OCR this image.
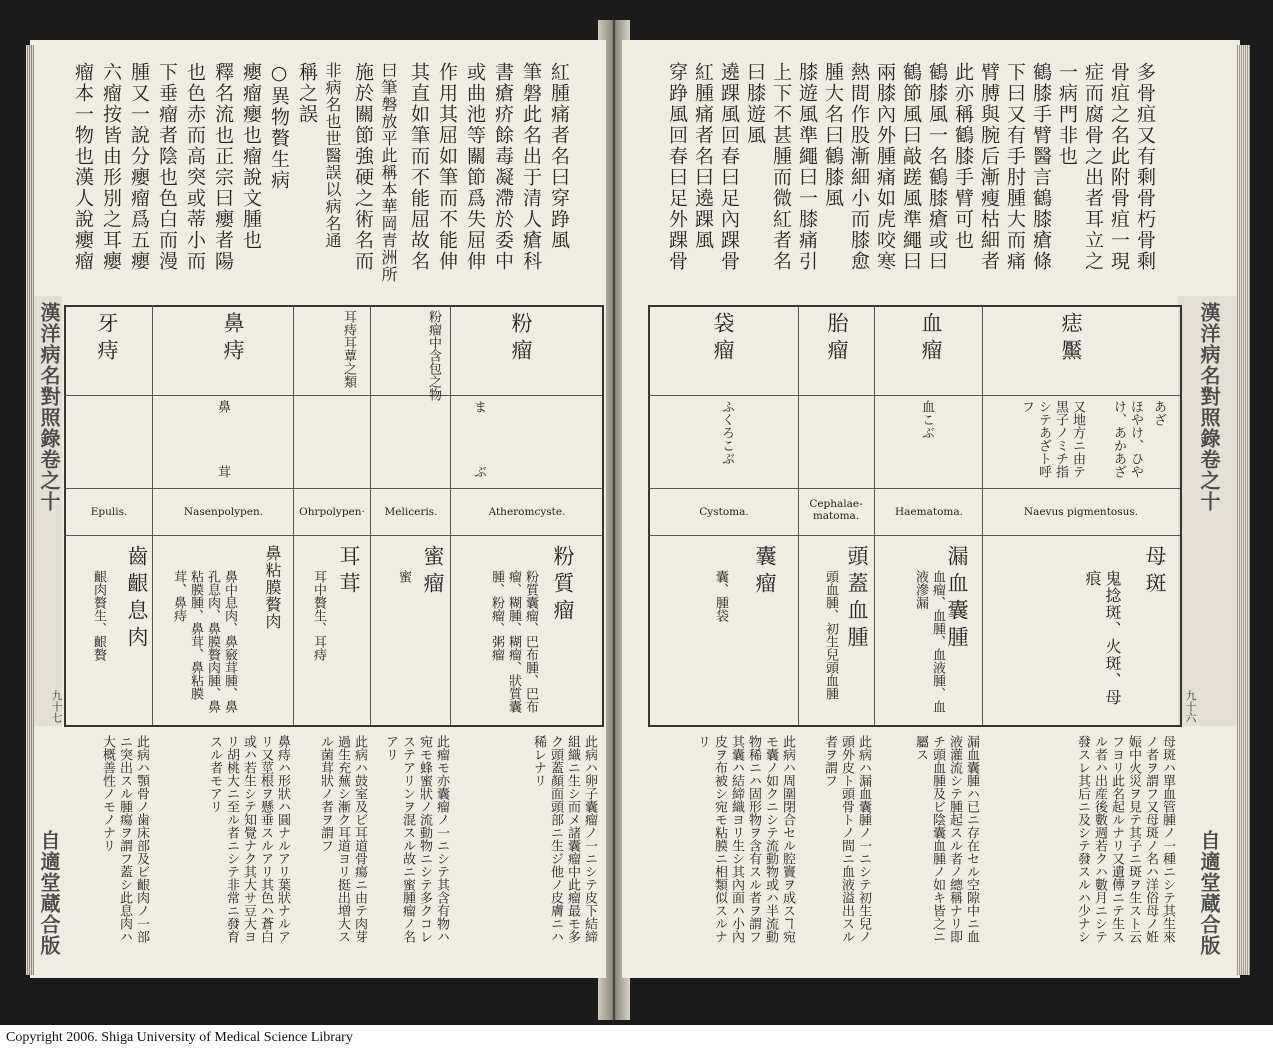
紅腫痛者名曰穿踭風
筆磐此名出于清人瘡科
書瘡疥餘毒凝滯於委中
或曲池等關節爲失屈伸
作用其屈如筆而不能伸
其直如筆而不能屈故名
曰筆磐放平此稱本華岡青洲所
施於關節強硬之術名而
非病名也世醫誤以病名通
稱之誤
○異物贅生病
癭瘤癭也瘤說文腫也
釋名流也正宗曰癭者陽
也色赤而高突或蒂小而
下垂瘤者陰也色白而漫
腫又一說分癭瘤爲五癭
六瘤按皆由形別之耳癭
瘤本一物也漢人說癭瘤
漢洋病名對照錄卷之十
自適堂蔵合版
九十七
粉瘤
粉瘤中含包之物
耳痔耳蕈之類
鼻痔
牙痔
ま
ぶ
鼻
茸
Atheromcyste.
Meliceris.
Ohrpolypen·
Nasenpolypen.
Epulis.
粉質瘤
蜜瘤
耳茸
鼻粘膜贅肉
齒齦息肉	粉質囊瘤、巴布腫、巴布瘤、糊腫、糊瘤、狀質囊腫、粉瘤、粥瘤
蜜
耳中贅生、耳痔
鼻中息肉、鼻竅茸腫、鼻孔息肉、鼻膜贅肉腫、鼻粘膜腫、鼻茸、鼻粘膜茸、鼻痔
齦肉贅生、齦贅
此病ハ卵子囊瘤ノ一ニシテ皮下結締組織ニ生シ而メ諸囊瘤中此瘤最モ多ク頭蓋顏面頭部ニ生ジ他ノ皮膚ニハ稀レナリ
此瘤モ亦囊瘤ノ一ニシテ其含有物ハ宛モ蜂蜜狀ノ流動物ニシテ多クコレステアリンヲ混スル故ニ蜜腫瘤ノ名アリ
此病ハ鼓室及ビ耳道骨瘍ニ由テ肉芽過生充蕪シ漸ク耳道ヨリ挺出増大スル菌茸狀ノ者ヲ謂フ
鼻痔ハ形狀ハ圓ナルアリ葉狀ナルアリ又莖根ヲ懸垂スルアリ其色ハ蒼白或ハ若生シテ知覺ナク其大サ豆大ヨリ胡桃大ニ至ル者ニシテ非常ニ發育スル者モアリ
此病ハ顎骨ノ歯床部及ビ齦肉ノ一部ニ突出スル腫瘍ヲ謂フ蓋シ此息肉ハ大概善性ノモノナリ
多骨疽又有剩骨朽骨剩
骨疽之名此附骨疽一現
症而腐骨之出者耳立之
一病門非也
鶴膝手臂醫言鶴膝瘡條
下曰又有手肘腫大而痛
臂膊與腕后漸瘦枯細者
此亦稱鶴膝手臂可也
鶴膝風一名鶴膝瘡或曰
鶴節風曰敲蹉風準繩曰
兩膝內外腫痛如虎咬寒
熱間作股漸細小而膝愈
腫大名曰鶴膝風
膝遊風準繩曰一膝痛引
上下不甚腫而微紅者名
曰膝遊風
遶踝風回春曰足內踝骨
紅腫痛者名曰遶踝風
穿踭風回春曰足外踝骨
漢洋病名對照錄卷之十
自適堂蔵合版
九十六
痣黶
血瘤
胎瘤
袋瘤
あざ
ほやけ、ひやけ、あかあざ
又地方ニ由テ黒子ノミチ指シテあざト呼フ
血こぶ
ふくろこぶ
Naevus pigmentosus.
Haematoma.
Cephalae-matoma.
Cystoma.
母斑
漏血囊腫
頭蓋血腫
囊瘤	鬼捻斑、火斑、母痕
血瘤、血腫、血液腫、血液滲漏
頭血腫、初生兒頭血腫
囊、腫袋
母斑ハ單血管腫ノ一種ニシテ其生來ノ者ヲ謂フ又母斑ノ名ハ洋俗母ノ姙娠中火災ヲ見テ其子ニ斑ヲ生スト云フヨリ此名起ルナリ又遺傳ニテ生スル者ハ出産後數週若クハ數月ニシテ發スレ其后ニ及シテ發スルハ少ナシ
漏血囊腫ハ已ニ存在セル空隙中ニ血液灌流シテ腫起スル者ノ總稱ナリ即チ頭血腫及ビ陰囊血腫ノ如キ皆之ニ屬ス
此病ハ漏血囊腫ノ一ニシテ初生兒ノ頭外皮ト頭骨トノ間ニ血液溢出スル者ヲ謂フ
此病ハ周圍閉合セル腔竇ヲ成スヿ宛モ囊ノ如クニシテ流動物或ハ半流動物稀ニハ固形物ヲ含有スル者ヲ謂フ其囊ハ結締織ヨリ生シ其內面ハ小內皮ヲ布被シ宛モ粘膜ニ相類似スルナリ
Copyright 2006. Shiga University of Medical Science Library
